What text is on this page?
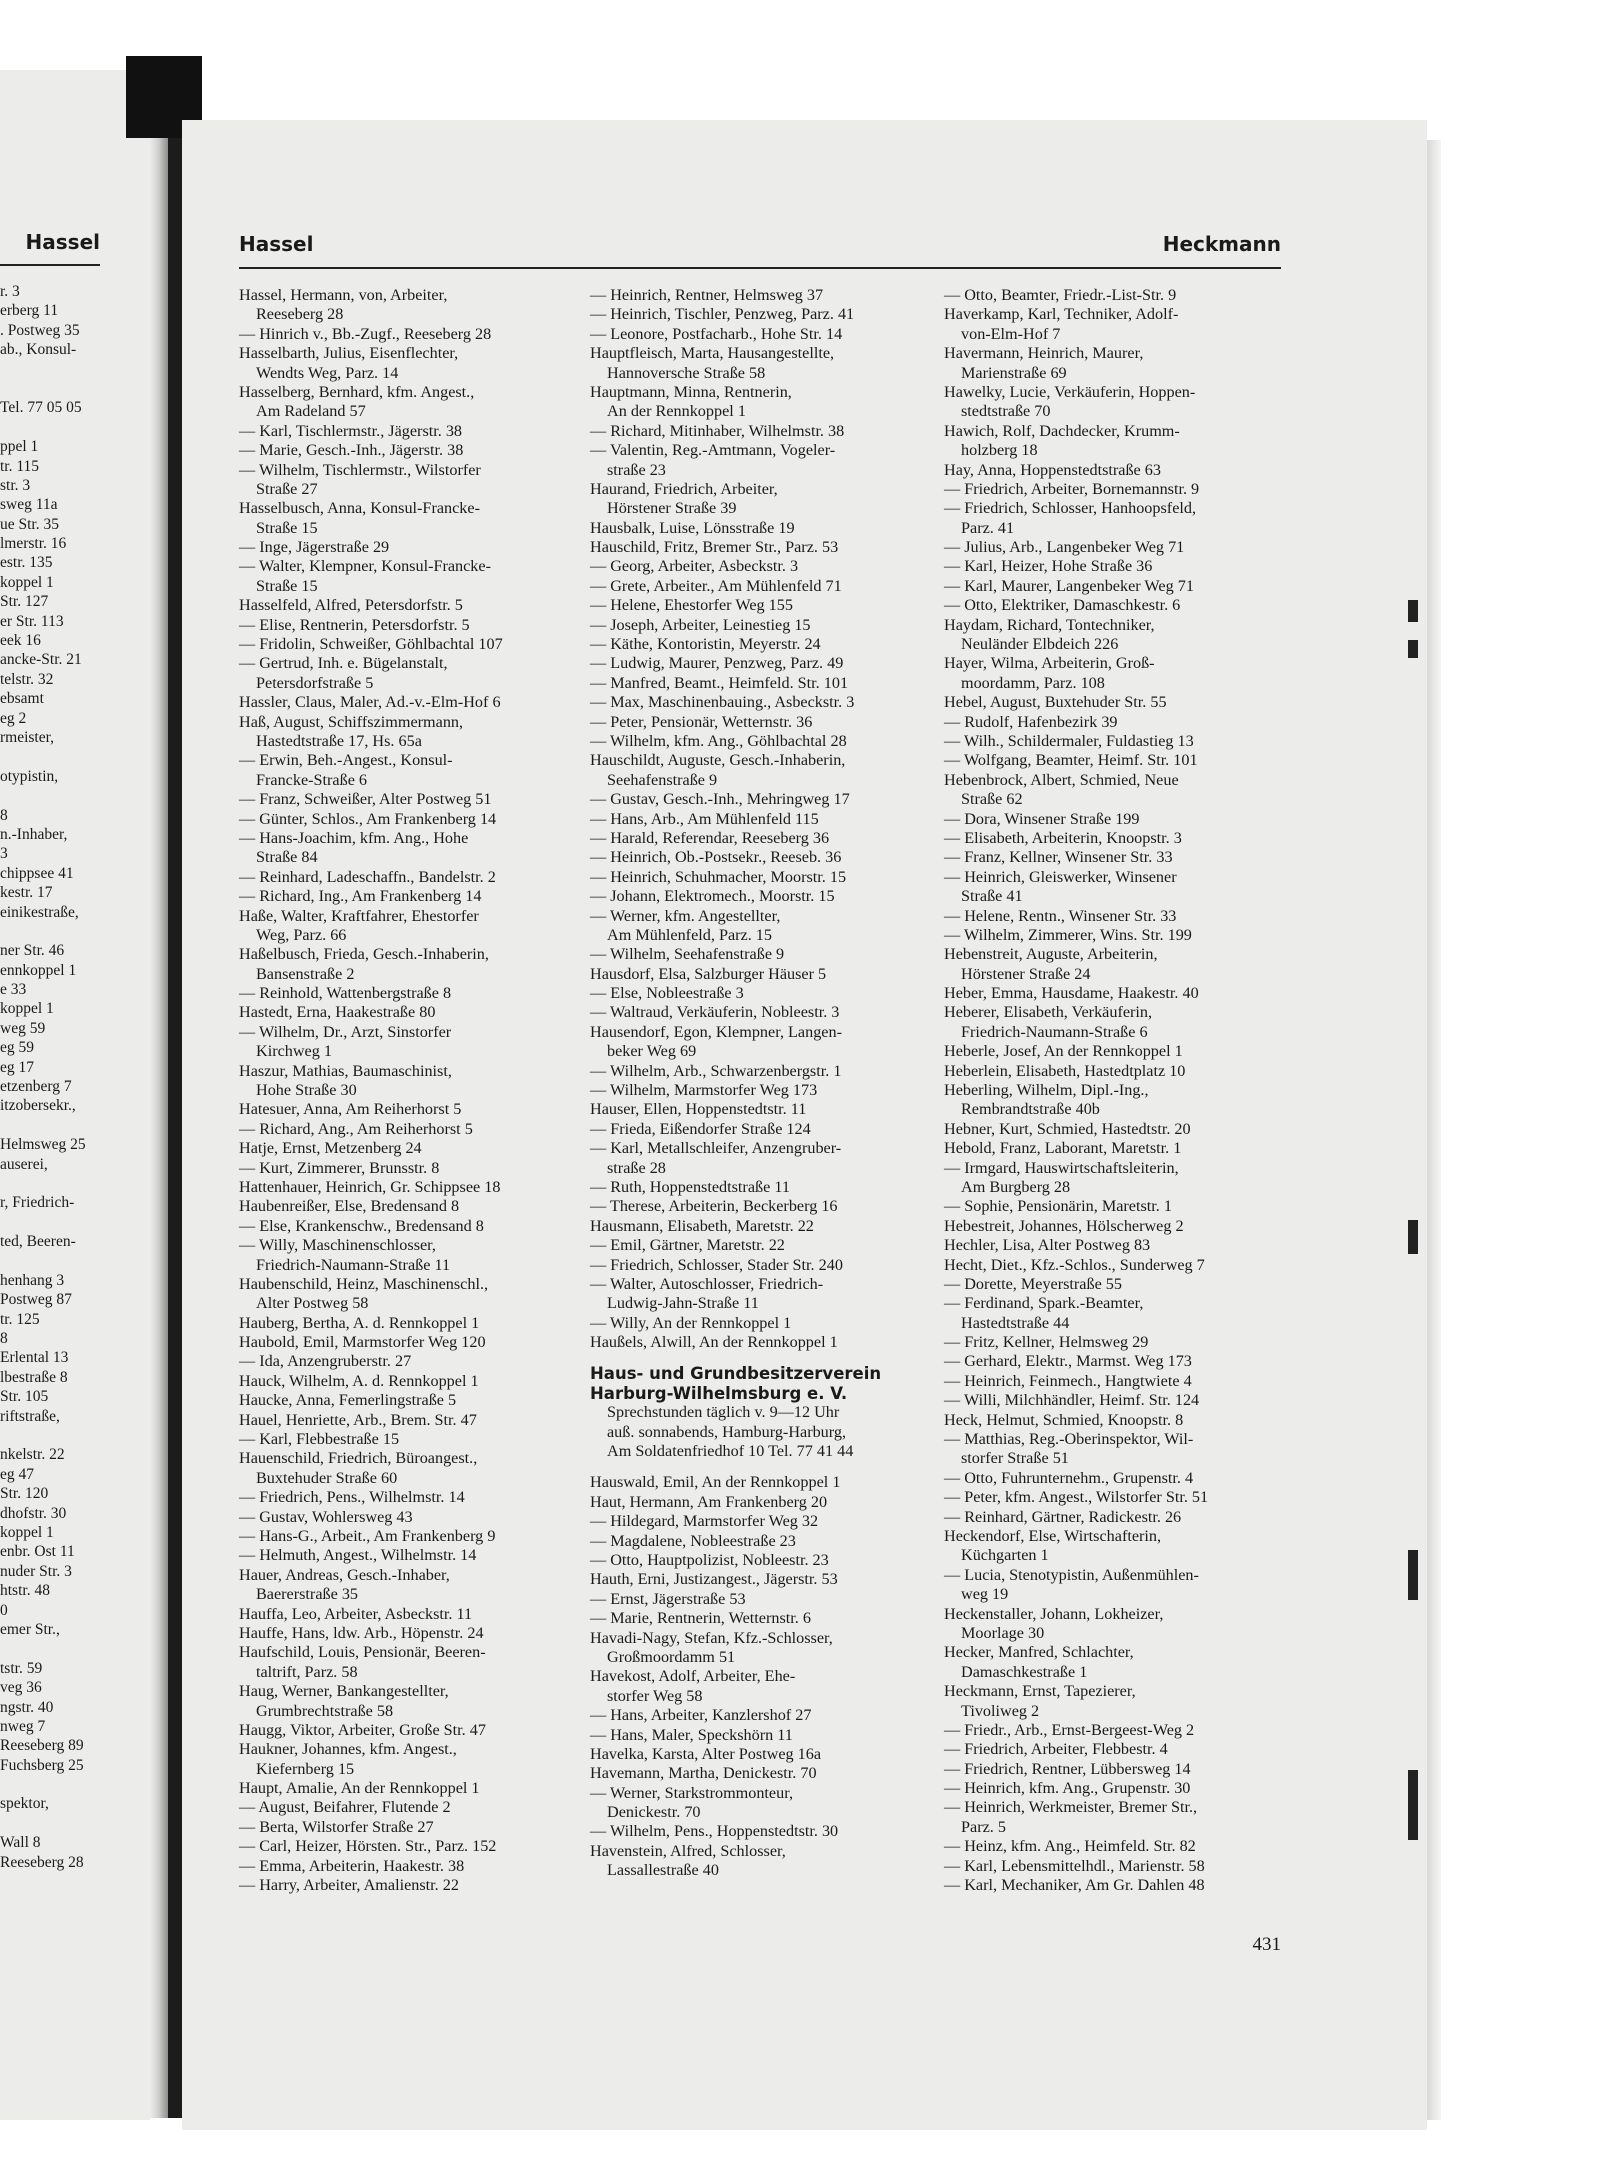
Hassel
r. 3
erberg 11
. Postweg 35
ab., Konsul-
Tel. 77 05 05
ppel 1
tr. 115
str. 3
sweg 11a
ue Str. 35
lmerstr. 16
estr. 135
koppel 1
Str. 127
er Str. 113
eek 16
ancke-Str. 21
telstr. 32
ebsamt
eg 2
rmeister,
otypistin,
8
n.-Inhaber,
3
chippsee 41
kestr. 17
einikestraße,
ner Str. 46
ennkoppel 1
e 33
koppel 1
weg 59
eg 59
eg 17
etzenberg 7
itzobersekr.,
Helmsweg 25
auserei,
r, Friedrich-
ted, Beeren-
henhang 3
Postweg 87
tr. 125
8
Erlental 13
lbestraße 8
Str. 105
riftstraße,
nkelstr. 22
eg 47
Str. 120
dhofstr. 30
koppel 1
enbr. Ost 11
nuder Str. 3
htstr. 48
0
emer Str.,
tstr. 59
veg 36
ngstr. 40
nweg 7
Reeseberg 89
Fuchsberg 25
spektor,
Wall 8
Reeseberg 28
Hassel	Heckmann
Hassel, Hermann, von, Arbeiter,
Reeseberg 28
— Hinrich v., Bb.-Zugf., Reeseberg 28
Hasselbarth, Julius, Eisenflechter,
Wendts Weg, Parz. 14
Hasselberg, Bernhard, kfm. Angest.,
Am Radeland 57
— Karl, Tischlermstr., Jägerstr. 38
— Marie, Gesch.-Inh., Jägerstr. 38
— Wilhelm, Tischlermstr., Wilstorfer
Straße 27
Hasselbusch, Anna, Konsul-Francke-
Straße 15
— Inge, Jägerstraße 29
— Walter, Klempner, Konsul-Francke-
Straße 15
Hasselfeld, Alfred, Petersdorfstr. 5
— Elise, Rentnerin, Petersdorfstr. 5
— Fridolin, Schweißer, Göhlbachtal 107
— Gertrud, Inh. e. Bügelanstalt,
Petersdorfstraße 5
Hassler, Claus, Maler, Ad.-v.-Elm-Hof 6
Haß, August, Schiffszimmermann,
Hastedtstraße 17, Hs. 65a
— Erwin, Beh.-Angest., Konsul-
Francke-Straße 6
— Franz, Schweißer, Alter Postweg 51
— Günter, Schlos., Am Frankenberg 14
— Hans-Joachim, kfm. Ang., Hohe
Straße 84
— Reinhard, Ladeschaffn., Bandelstr. 2
— Richard, Ing., Am Frankenberg 14
Haße, Walter, Kraftfahrer, Ehestorfer
Weg, Parz. 66
Haßelbusch, Frieda, Gesch.-Inhaberin,
Bansenstraße 2
— Reinhold, Wattenbergstraße 8
Hastedt, Erna, Haakestraße 80
— Wilhelm, Dr., Arzt, Sinstorfer
Kirchweg 1
Haszur, Mathias, Baumaschinist,
Hohe Straße 30
Hatesuer, Anna, Am Reiherhorst 5
— Richard, Ang., Am Reiherhorst 5
Hatje, Ernst, Metzenberg 24
— Kurt, Zimmerer, Brunsstr. 8
Hattenhauer, Heinrich, Gr. Schippsee 18
Haubenreißer, Else, Bredensand 8
— Else, Krankenschw., Bredensand 8
— Willy, Maschinenschlosser,
Friedrich-Naumann-Straße 11
Haubenschild, Heinz, Maschinenschl.,
Alter Postweg 58
Hauberg, Bertha, A. d. Rennkoppel 1
Haubold, Emil, Marmstorfer Weg 120
— Ida, Anzengruberstr. 27
Hauck, Wilhelm, A. d. Rennkoppel 1
Haucke, Anna, Femerlingstraße 5
Hauel, Henriette, Arb., Brem. Str. 47
— Karl, Flebbestraße 15
Hauenschild, Friedrich, Büroangest.,
Buxtehuder Straße 60
— Friedrich, Pens., Wilhelmstr. 14
— Gustav, Wohlersweg 43
— Hans-G., Arbeit., Am Frankenberg 9
— Helmuth, Angest., Wilhelmstr. 14
Hauer, Andreas, Gesch.-Inhaber,
Baererstraße 35
Hauffa, Leo, Arbeiter, Asbeckstr. 11
Hauffe, Hans, ldw. Arb., Höpenstr. 24
Haufschild, Louis, Pensionär, Beeren-
taltrift, Parz. 58
Haug, Werner, Bankangestellter,
Grumbrechtstraße 58
Haugg, Viktor, Arbeiter, Große Str. 47
Haukner, Johannes, kfm. Angest.,
Kiefernberg 15
Haupt, Amalie, An der Rennkoppel 1
— August, Beifahrer, Flutende 2
— Berta, Wilstorfer Straße 27
— Carl, Heizer, Hörsten. Str., Parz. 152
— Emma, Arbeiterin, Haakestr. 38
— Harry, Arbeiter, Amalienstr. 22
— Heinrich, Rentner, Helmsweg 37
— Heinrich, Tischler, Penzweg, Parz. 41
— Leonore, Postfacharb., Hohe Str. 14
Hauptfleisch, Marta, Hausangestellte,
Hannoversche Straße 58
Hauptmann, Minna, Rentnerin,
An der Rennkoppel 1
— Richard, Mitinhaber, Wilhelmstr. 38
— Valentin, Reg.-Amtmann, Vogeler-
straße 23
Haurand, Friedrich, Arbeiter,
Hörstener Straße 39
Hausbalk, Luise, Lönsstraße 19
Hauschild, Fritz, Bremer Str., Parz. 53
— Georg, Arbeiter, Asbeckstr. 3
— Grete, Arbeiter., Am Mühlenfeld 71
— Helene, Ehestorfer Weg 155
— Joseph, Arbeiter, Leinestieg 15
— Käthe, Kontoristin, Meyerstr. 24
— Ludwig, Maurer, Penzweg, Parz. 49
— Manfred, Beamt., Heimfeld. Str. 101
— Max, Maschinenbauing., Asbeckstr. 3
— Peter, Pensionär, Wetternstr. 36
— Wilhelm, kfm. Ang., Göhlbachtal 28
Hauschildt, Auguste, Gesch.-Inhaberin,
Seehafenstraße 9
— Gustav, Gesch.-Inh., Mehringweg 17
— Hans, Arb., Am Mühlenfeld 115
— Harald, Referendar, Reeseberg 36
— Heinrich, Ob.-Postsekr., Reeseb. 36
— Heinrich, Schuhmacher, Moorstr. 15
— Johann, Elektromech., Moorstr. 15
— Werner, kfm. Angestellter,
Am Mühlenfeld, Parz. 15
— Wilhelm, Seehafenstraße 9
Hausdorf, Elsa, Salzburger Häuser 5
— Else, Nobleestraße 3
— Waltraud, Verkäuferin, Nobleestr. 3
Hausendorf, Egon, Klempner, Langen-
beker Weg 69
— Wilhelm, Arb., Schwarzenbergstr. 1
— Wilhelm, Marmstorfer Weg 173
Hauser, Ellen, Hoppenstedtstr. 11
— Frieda, Eißendorfer Straße 124
— Karl, Metallschleifer, Anzengruber-
straße 28
— Ruth, Hoppenstedtstraße 11
— Therese, Arbeiterin, Beckerberg 16
Hausmann, Elisabeth, Maretstr. 22
— Emil, Gärtner, Maretstr. 22
— Friedrich, Schlosser, Stader Str. 240
— Walter, Autoschlosser, Friedrich-
Ludwig-Jahn-Straße 11
— Willy, An der Rennkoppel 1
Haußels, Alwill, An der Rennkoppel 1
Haus- und Grundbesitzerverein
Harburg-Wilhelmsburg e. V.
Sprechstunden täglich v. 9—12 Uhr
auß. sonnabends, Hamburg-Harburg,
Am Soldatenfriedhof 10 Tel. 77 41 44
Hauswald, Emil, An der Rennkoppel 1
Haut, Hermann, Am Frankenberg 20
— Hildegard, Marmstorfer Weg 32
— Magdalene, Nobleestraße 23
— Otto, Hauptpolizist, Nobleestr. 23
Hauth, Erni, Justizangest., Jägerstr. 53
— Ernst, Jägerstraße 53
— Marie, Rentnerin, Wetternstr. 6
Havadi-Nagy, Stefan, Kfz.-Schlosser,
Großmoordamm 51
Havekost, Adolf, Arbeiter, Ehe-
storfer Weg 58
— Hans, Arbeiter, Kanzlershof 27
— Hans, Maler, Speckshörn 11
Havelka, Karsta, Alter Postweg 16a
Havemann, Martha, Denickestr. 70
— Werner, Starkstrommonteur,
Denickestr. 70
— Wilhelm, Pens., Hoppenstedtstr. 30
Havenstein, Alfred, Schlosser,
Lassallestraße 40
— Otto, Beamter, Friedr.-List-Str. 9
Haverkamp, Karl, Techniker, Adolf-
von-Elm-Hof 7
Havermann, Heinrich, Maurer,
Marienstraße 69
Hawelky, Lucie, Verkäuferin, Hoppen-
stedtstraße 70
Hawich, Rolf, Dachdecker, Krumm-
holzberg 18
Hay, Anna, Hoppenstedtstraße 63
— Friedrich, Arbeiter, Bornemannstr. 9
— Friedrich, Schlosser, Hanhoopsfeld,
Parz. 41
— Julius, Arb., Langenbeker Weg 71
— Karl, Heizer, Hohe Straße 36
— Karl, Maurer, Langenbeker Weg 71
— Otto, Elektriker, Damaschkestr. 6
Haydam, Richard, Tontechniker,
Neuländer Elbdeich 226
Hayer, Wilma, Arbeiterin, Groß-
moordamm, Parz. 108
Hebel, August, Buxtehuder Str. 55
— Rudolf, Hafenbezirk 39
— Wilh., Schildermaler, Fuldastieg 13
— Wolfgang, Beamter, Heimf. Str. 101
Hebenbrock, Albert, Schmied, Neue
Straße 62
— Dora, Winsener Straße 199
— Elisabeth, Arbeiterin, Knoopstr. 3
— Franz, Kellner, Winsener Str. 33
— Heinrich, Gleiswerker, Winsener
Straße 41
— Helene, Rentn., Winsener Str. 33
— Wilhelm, Zimmerer, Wins. Str. 199
Hebenstreit, Auguste, Arbeiterin,
Hörstener Straße 24
Heber, Emma, Hausdame, Haakestr. 40
Heberer, Elisabeth, Verkäuferin,
Friedrich-Naumann-Straße 6
Heberle, Josef, An der Rennkoppel 1
Heberlein, Elisabeth, Hastedtplatz 10
Heberling, Wilhelm, Dipl.-Ing.,
Rembrandtstraße 40b
Hebner, Kurt, Schmied, Hastedtstr. 20
Hebold, Franz, Laborant, Maretstr. 1
— Irmgard, Hauswirtschaftsleiterin,
Am Burgberg 28
— Sophie, Pensionärin, Maretstr. 1
Hebestreit, Johannes, Hölscherweg 2
Hechler, Lisa, Alter Postweg 83
Hecht, Diet., Kfz.-Schlos., Sunderweg 7
— Dorette, Meyerstraße 55
— Ferdinand, Spark.-Beamter,
Hastedtstraße 44
— Fritz, Kellner, Helmsweg 29
— Gerhard, Elektr., Marmst. Weg 173
— Heinrich, Feinmech., Hangtwiete 4
— Willi, Milchhändler, Heimf. Str. 124
Heck, Helmut, Schmied, Knoopstr. 8
— Matthias, Reg.-Oberinspektor, Wil-
storfer Straße 51
— Otto, Fuhrunternehm., Grupenstr. 4
— Peter, kfm. Angest., Wilstorfer Str. 51
— Reinhard, Gärtner, Radickestr. 26
Heckendorf, Else, Wirtschafterin,
Küchgarten 1
— Lucia, Stenotypistin, Außenmühlen-
weg 19
Heckenstaller, Johann, Lokheizer,
Moorlage 30
Hecker, Manfred, Schlachter,
Damaschkestraße 1
Heckmann, Ernst, Tapezierer,
Tivoliweg 2
— Friedr., Arb., Ernst-Bergeest-Weg 2
— Friedrich, Arbeiter, Flebbestr. 4
— Friedrich, Rentner, Lübbersweg 14
— Heinrich, kfm. Ang., Grupenstr. 30
— Heinrich, Werkmeister, Bremer Str.,
Parz. 5
— Heinz, kfm. Ang., Heimfeld. Str. 82
— Karl, Lebensmittelhdl., Marienstr. 58
— Karl, Mechaniker, Am Gr. Dahlen 48
431
